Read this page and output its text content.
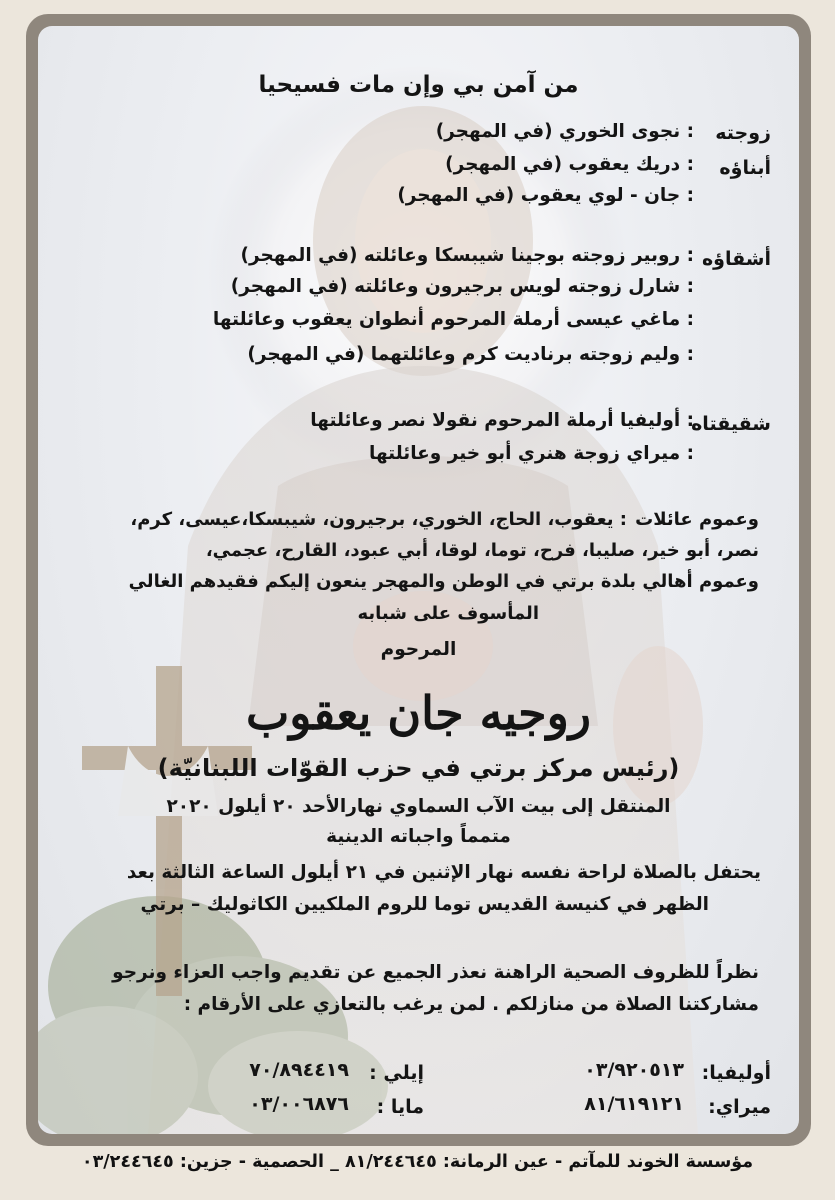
من آمن بي وإن مات فسيحيا
زوجته
: نجوى الخوري (في المهجر)
أبناؤه
: دريك يعقوب (في المهجر)
: جان - لوي يعقوب (في المهجر)
أشقاؤه
: روبير زوجته بوجينا شيبسكا وعائلته (في المهجر)
: شارل زوجته لويس برجيرون وعائلته (في المهجر)
: ماغي عيسى أرملة المرحوم أنطوان يعقوب وعائلتها
: وليم زوجته برناديت كرم وعائلتهما (في المهجر)
شقيقتاه
: أوليفيا أرملة المرحوم نقولا نصر وعائلتها
: ميراي زوجة هنري أبو خير وعائلتها
وعموم عائلات
: يعقوب، الحاج، الخوري، برجيرون، شيبسكا،عيسى، كرم،
نصر، أبو خير، صليبا، فرح، توما، لوقا، أبي عبود، القارح، عجمي،
وعموم أهالي بلدة برتي في الوطن والمهجر ينعون إليكم فقيدهم الغالي
المأسوف على شبابه
المرحوم
روجيه جان يعقوب
(رئيس مركز برتي في حزب القوّات اللبنانيّة)
المنتقل إلى بيت الآب السماوي نهارالأحد ٢٠ أيلول ٢٠٢٠
متمماً واجباته الدينية
يحتفل بالصلاة لراحة نفسه نهار الإثنين في ٢١ أيلول الساعة الثالثة بعد
الظهر في كنيسة القديس توما للروم الملكيين الكاثوليك – برتي
نظراً للظروف الصحية الراهنة نعذر الجميع عن تقديم واجب العزاء ونرجو
مشاركتنا الصلاة من منازلكم . لمن يرغب بالتعازي على الأرقام :
أوليفيا:
٠٣/٩٢٠٥١٣
إيلي :
٧٠/٨٩٤٤١٩
ميراي:
٨١/٦١٩١٢١
مايا :
٠٣/٠٠٦٨٧٦
مؤسسة الخوند للمآتم - عين الرمانة: ٨١/٢٤٤٦٤٥ _ الحصمية - جزين: ٠٣/٢٤٤٦٤٥
